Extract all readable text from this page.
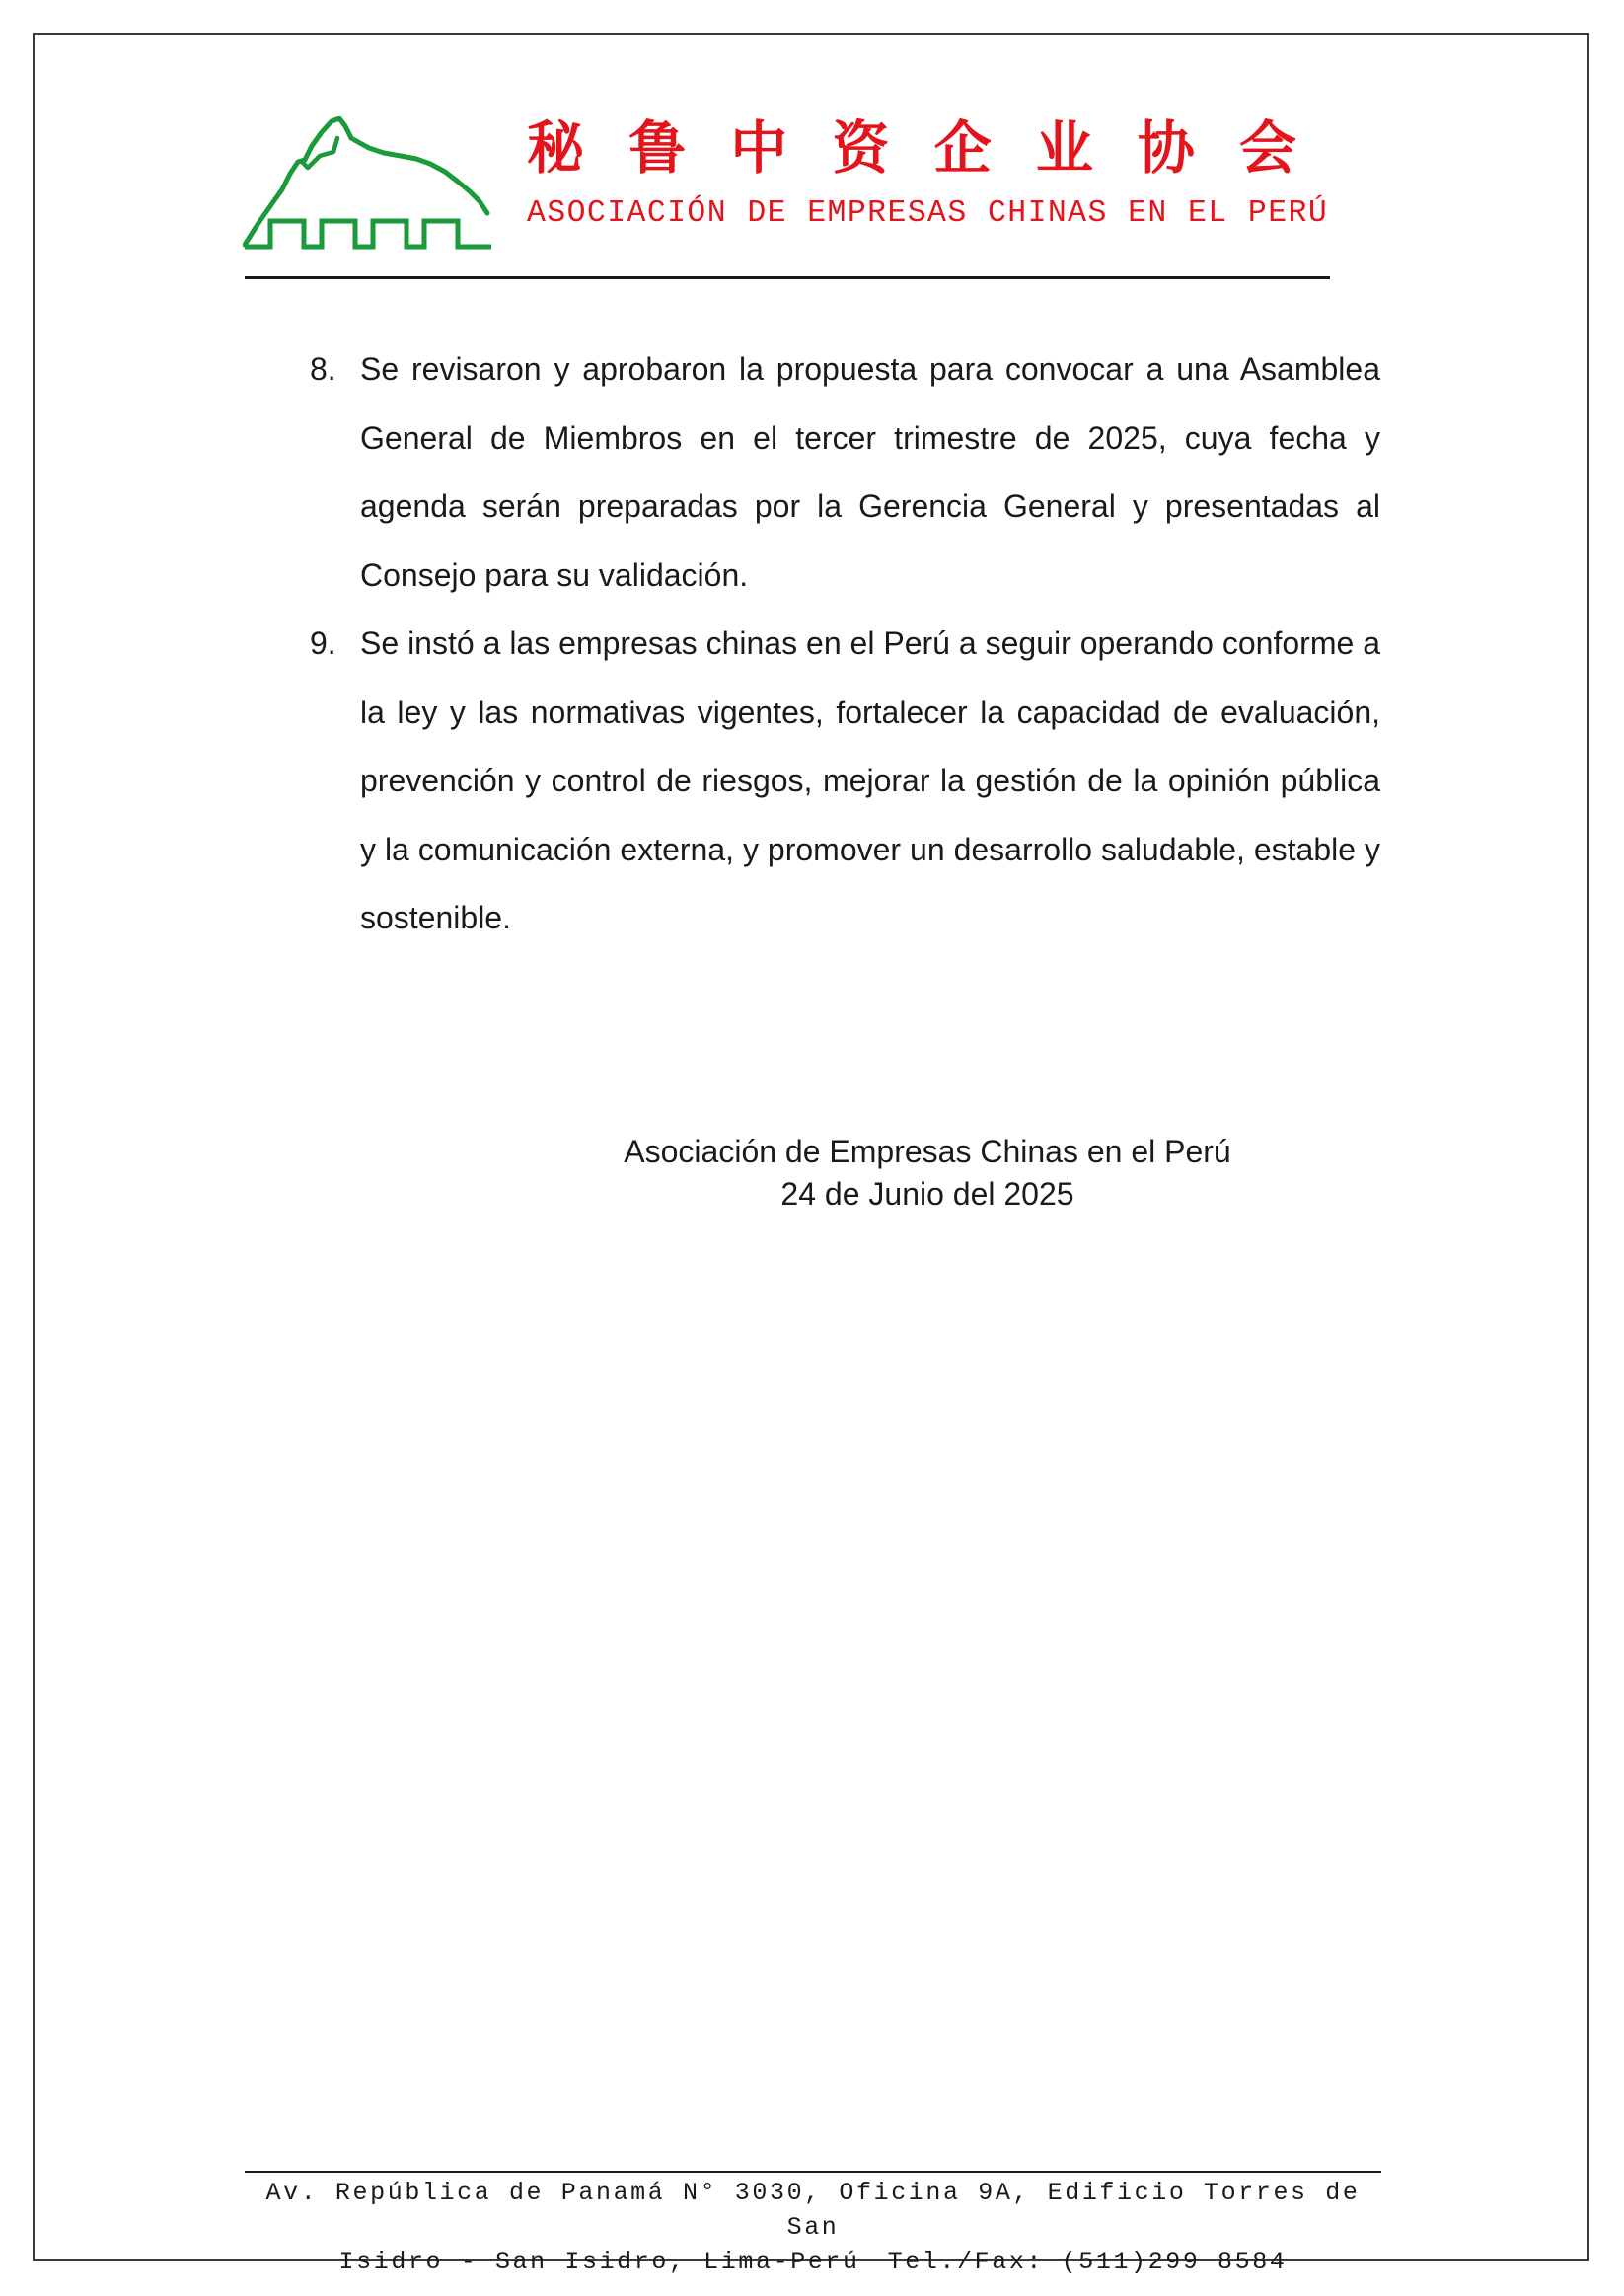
秘 鲁 中 资 企 业 协 会
ASOCIACIÓN DE EMPRESAS CHINAS EN EL PERÚ
8. Se revisaron y aprobaron la propuesta para convocar a una Asamblea General de Miembros en el tercer trimestre de 2025, cuya fecha y agenda serán preparadas por la Gerencia General y presentadas al Consejo para su validación.

9. Se instó a las empresas chinas en el Perú a seguir operando conforme a la ley y las normativas vigentes, fortalecer la capacidad de evaluación, prevención y control de riesgos, mejorar la gestión de la opinión pública y la comunicación externa, y promover un desarrollo saludable, estable y sostenible.

Asociación de Empresas Chinas en el Perú
24 de Junio del 2025
Av. República de Panamá N° 3030, Oficina 9A, Edificio Torres de San
Isidro - San Isidro, Lima-Perú Tel./Fax: (511)299 8584
